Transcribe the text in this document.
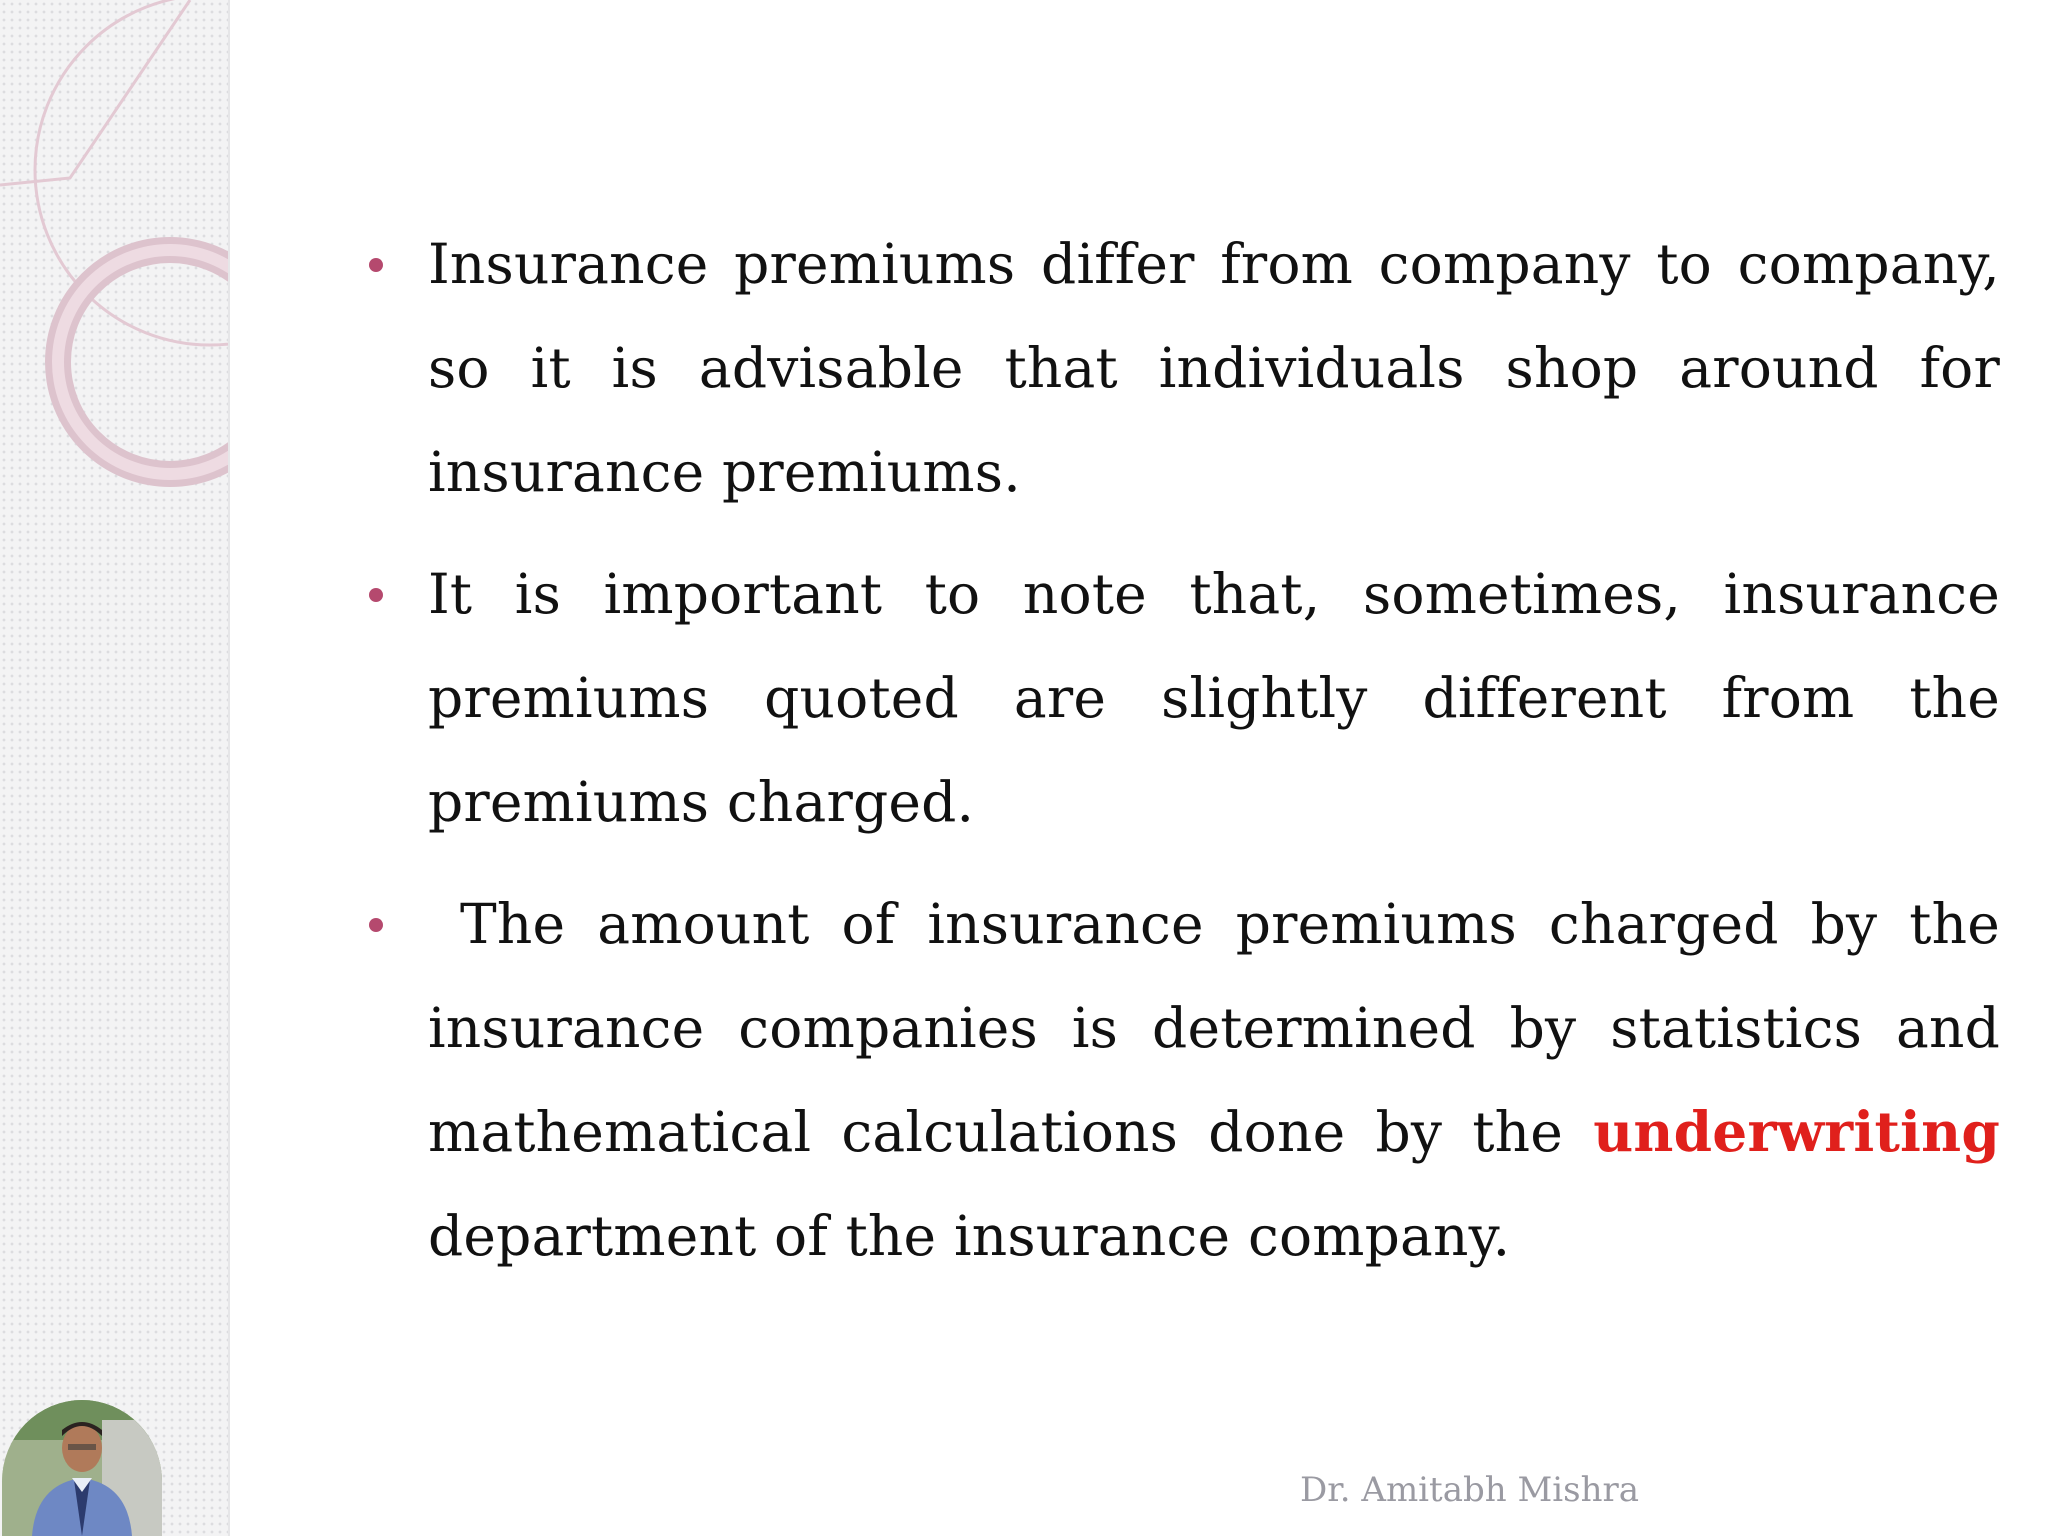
Insurance premiums differ from company to company, so it is advisable that individuals shop around for insurance premiums.
It is important to note that, sometimes, insurance premiums quoted are slightly different from the premiums charged.
The amount of insurance premiums charged by the insurance companies is determined by statistics and mathematical calculations done by the underwriting department of the insurance company.
Dr. Amitabh Mishra
